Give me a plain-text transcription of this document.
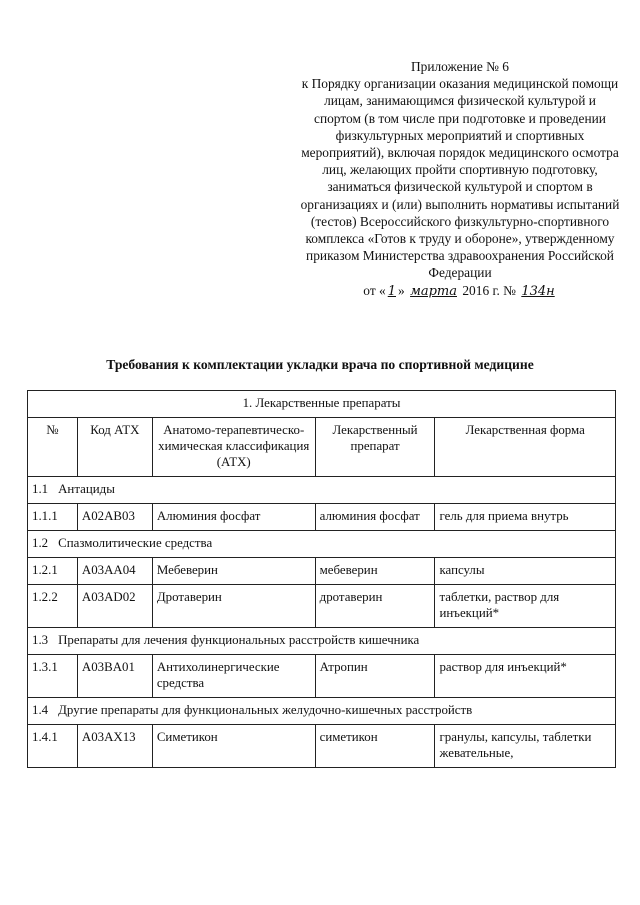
Приложение № 6
к Порядку организации оказания медицинской помощи лицам, занимающимся физической культурой и спортом (в том числе при подготовке и проведении физкультурных мероприятий и спортивных мероприятий), включая порядок медицинского осмотра лиц, желающих пройти спортивную подготовку, заниматься физической культурой и спортом в организациях и (или) выполнить нормативы испытаний (тестов) Всероссийского физкультурно-спортивного комплекса «Готов к труду и обороне», утвержденному приказом Министерства здравоохранения Российской Федерации
от « 1 » марта 2016 г. № 134н
Требования к комплектации укладки врача по спортивной медицине
1. Лекарственные препараты				
№	Код АТХ	Анатомо-терапевтическо-химическая классификация (АТХ)	Лекарственный препарат	Лекарственная форма
1.1 Антациды				
1.1.1	A02AB03	Алюминия фосфат	алюминия фосфат	гель для приема внутрь
1.2 Спазмолитические средства				
1.2.1	A03AA04	Мебеверин	мебеверин	капсулы
1.2.2	A03AD02	Дротаверин	дротаверин	таблетки, раствор для инъекций*
1.3 Препараты для лечения функциональных расстройств кишечника				
1.3.1	A03BA01	Антихолинергические средства	Атропин	раствор для инъекций*
1.4 Другие препараты для функциональных желудочно-кишечных расстройств				
1.4.1	A03AX13	Симетикон	симетикон	гранулы, капсулы, таблетки жевательные,
